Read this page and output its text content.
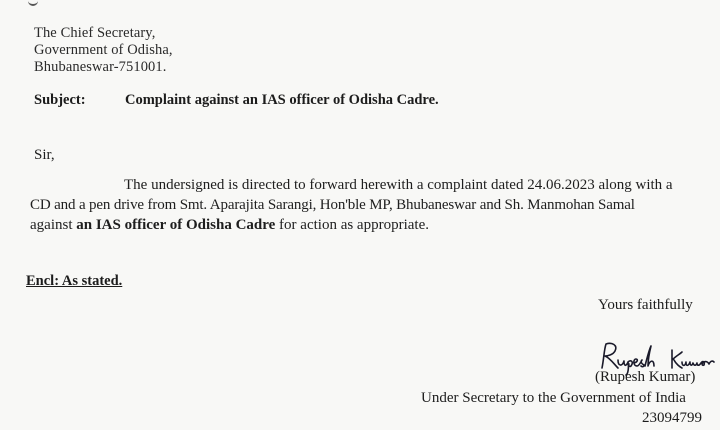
The Chief Secretary,
Government of Odisha,
Bhubaneswar-751001.
Subject:	Complaint against an IAS officer of Odisha Cadre.
Sir,
The undersigned is directed to forward herewith a complaint dated 24.06.2023 along with a
CD and a pen drive from Smt. Aparajita Sarangi, Hon'ble MP, Bhubaneswar and Sh. Manmohan Samal
against an IAS officer of Odisha Cadre for action as appropriate.
Encl: As stated.
Yours faithfully
(Rupesh Kumar)
Under Secretary to the Government of India
23094799
